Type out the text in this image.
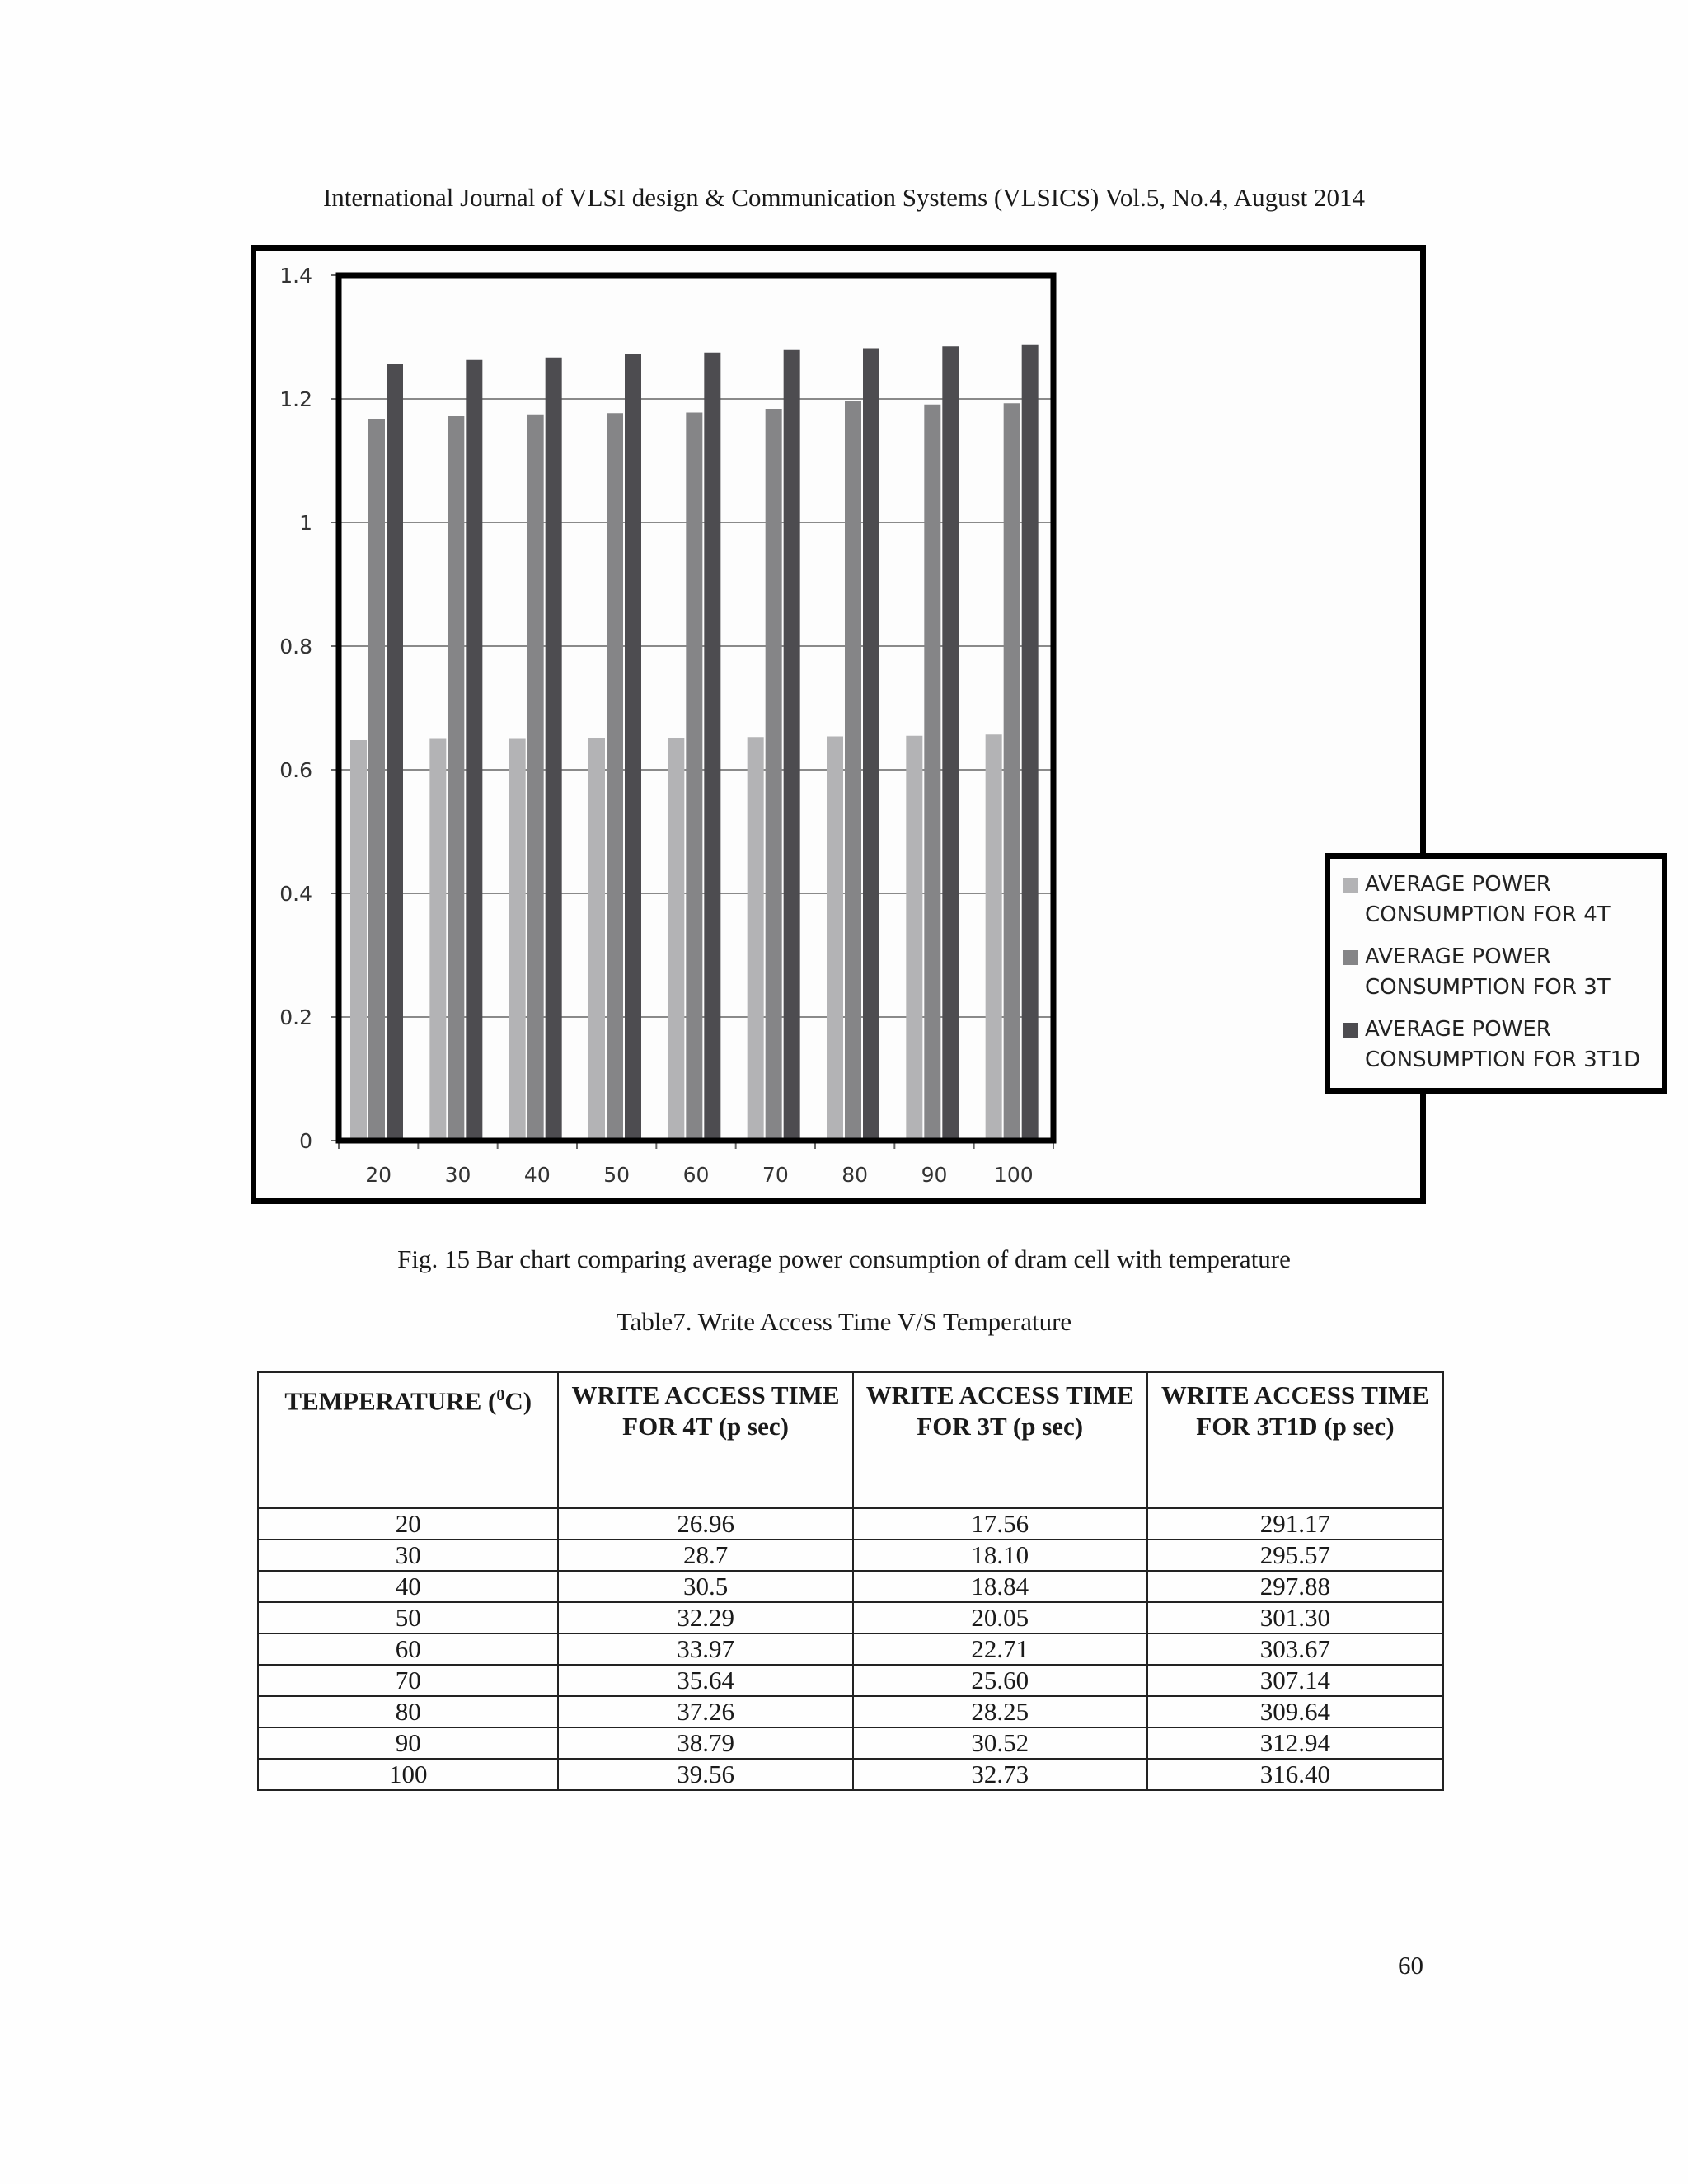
International Journal of VLSI design & Communication Systems (VLSICS) Vol.5, No.4, August 2014
0
0.2
0.4
0.6
0.8
1
1.2
1.4
20	30	40	50	60	70	80	90 100
AVERAGE POWER
CONSUMPTION FOR 4T
AVERAGE POWER
CONSUMPTION FOR 3T
AVERAGE POWER
CONSUMPTION FOR 3T1D
Fig. 15 Bar chart comparing average power consumption of dram cell with temperature
Table7. Write Access Time V/S Temperature
TEMPERATURE ($^0$C)	WRITE ACCESS TIME FOR 4T (p sec)	WRITE ACCESS TIME FOR 3T (p sec)	WRITE ACCESS TIME FOR 3T1D (p sec)
20	26.96	17.56	291.17
30	28.7	18.10	295.57
40	30.5	18.84	297.88
50	32.29	20.05	301.30
60	33.97	22.71	303.67
70	35.64	25.60	307.14
80	37.26	28.25	309.64
90	38.79	30.52	312.94
100	39.56	32.73	316.40
60
